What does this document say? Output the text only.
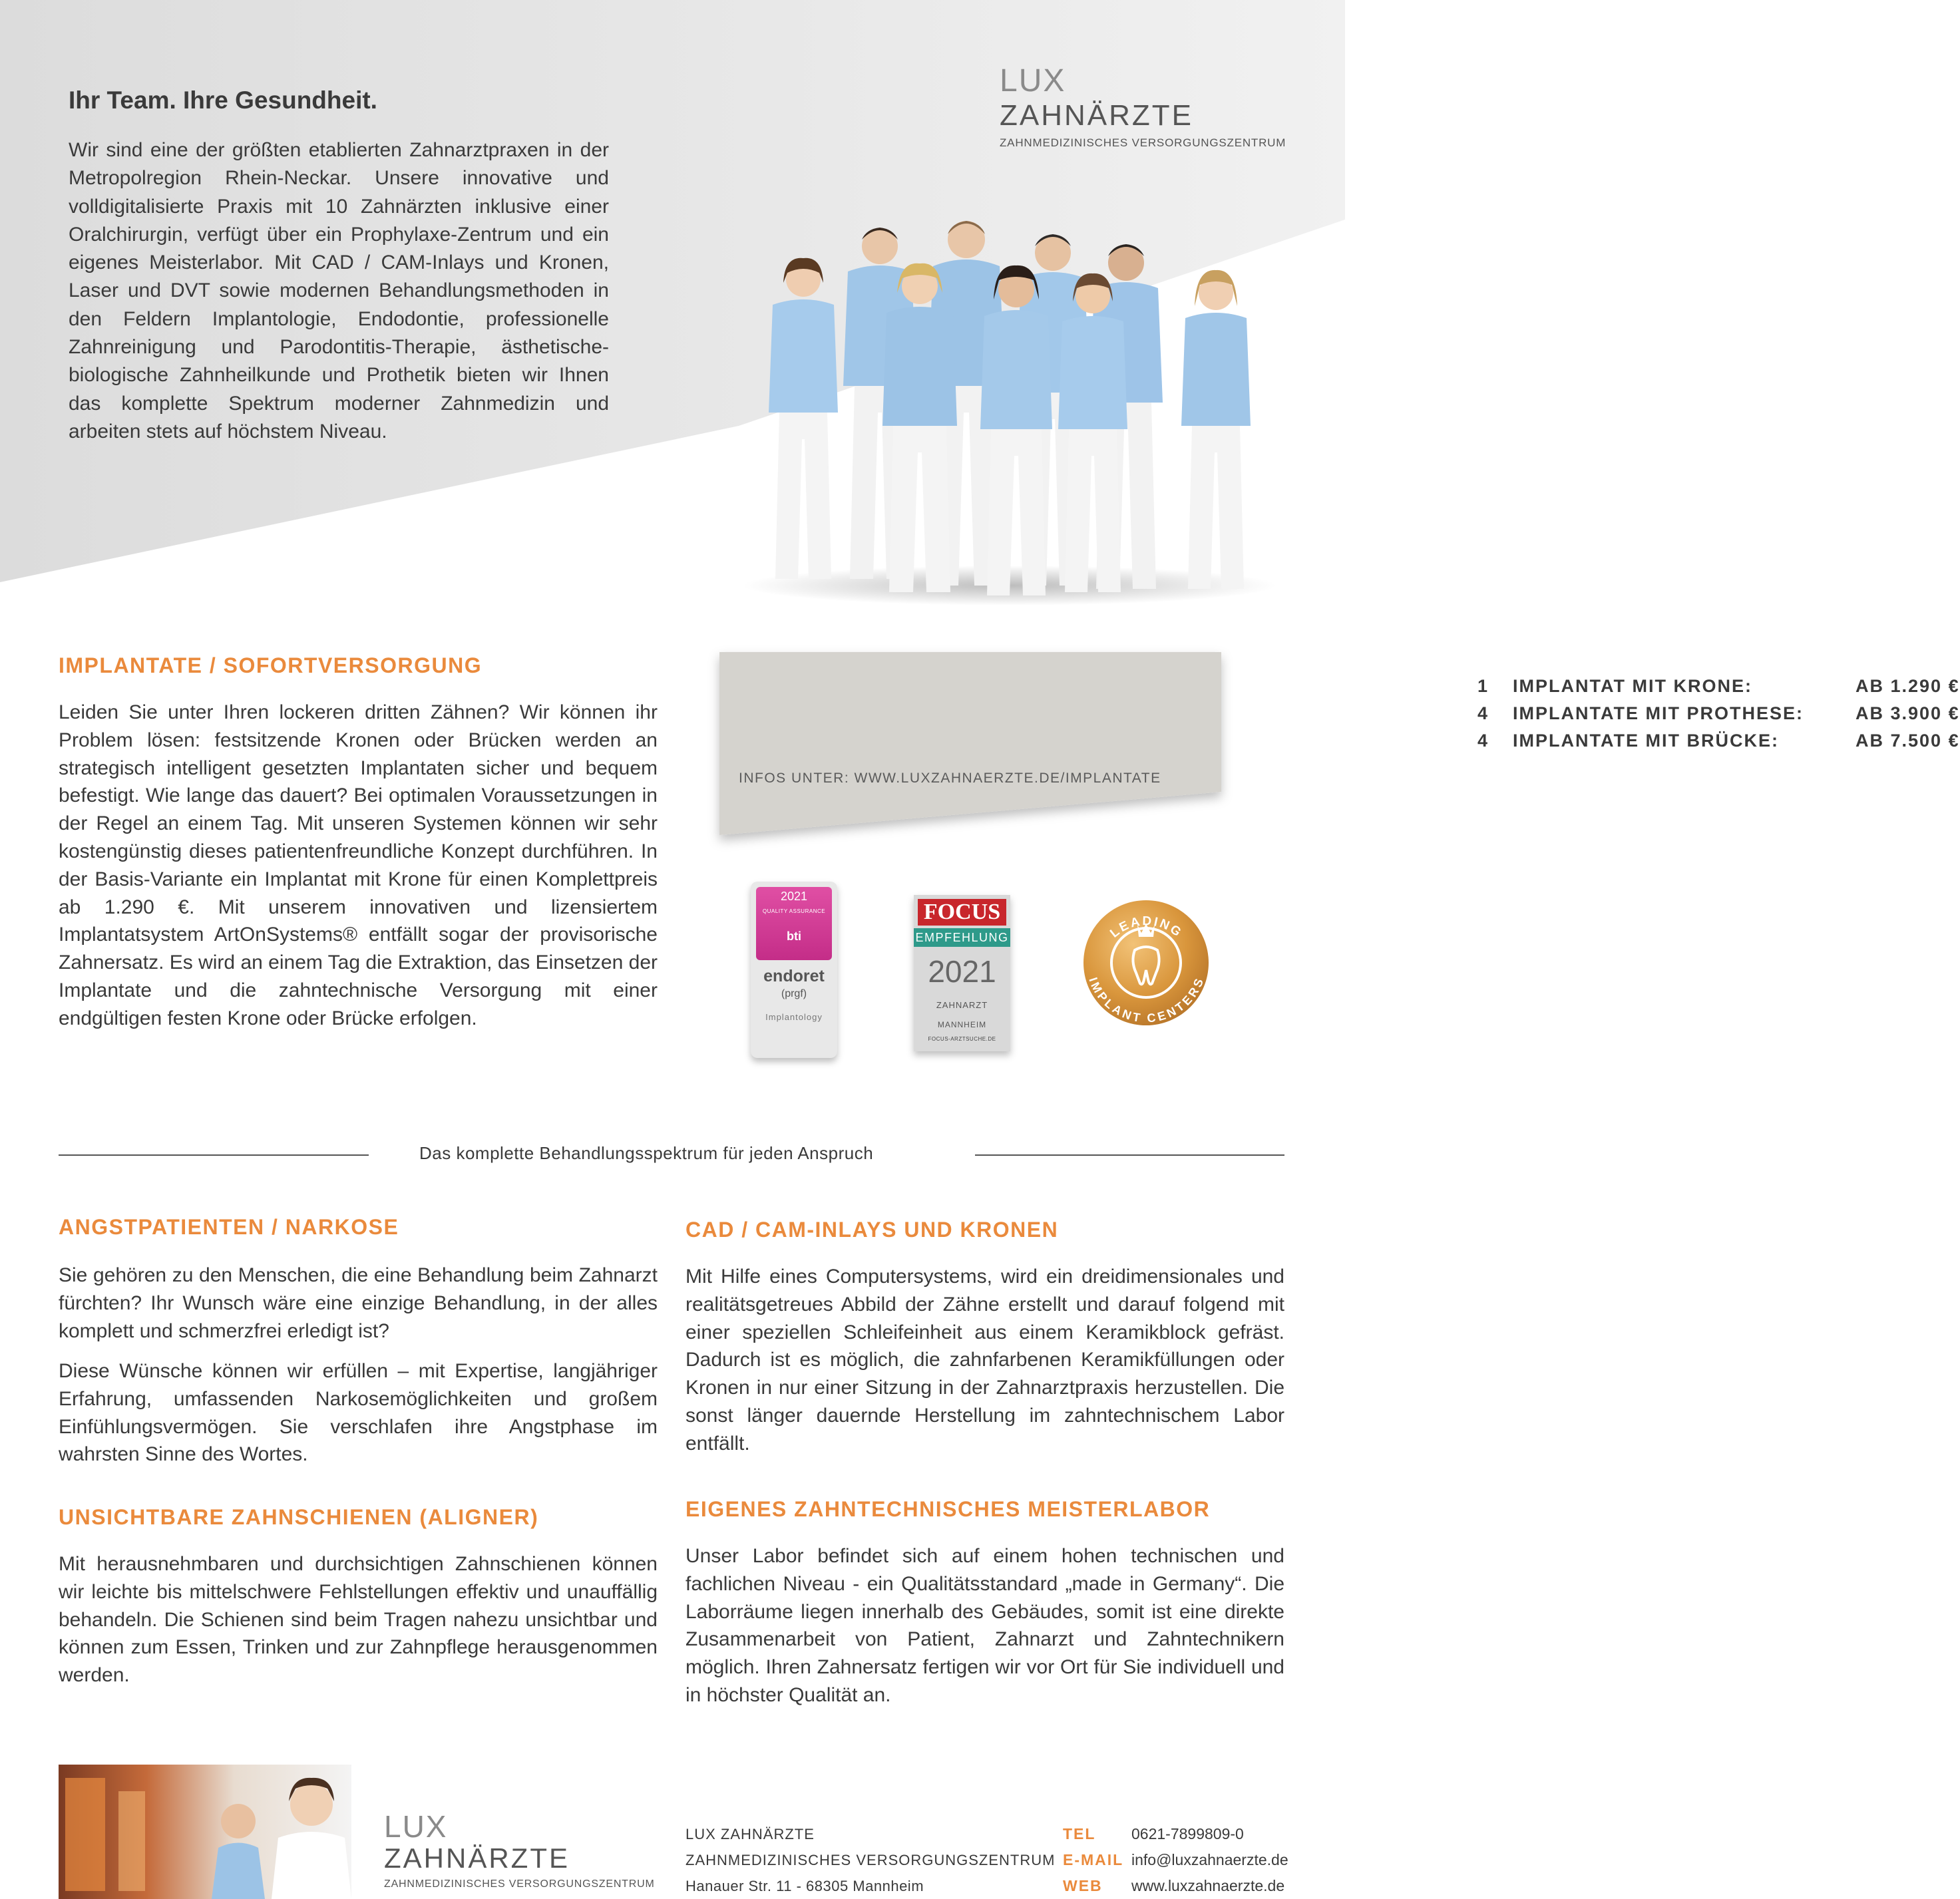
Ihr Team. Ihre Gesundheit.
Wir sind eine der größten etablierten Zahnarztpraxen in der Metropolregion Rhein-Neckar. Unsere innovative und volldigitalisierte Praxis mit 10 Zahnärzten inklusive einer Oralchirurgin, verfügt über ein Prophylaxe-Zentrum und ein eigenes Meisterlabor. Mit CAD / CAM-Inlays und Kronen, Laser und DVT sowie modernen Behandlungsmethoden in den Feldern Implantologie, Endodontie, professionelle Zahnreinigung und Parodontitis-Therapie, ästhetische-biologische Zahnheilkunde und Prothetik bieten wir Ihnen das komplette Spektrum moderner Zahnmedizin und arbeiten stets auf höchstem Niveau.
LUX
ZAHNÄRZTE
ZAHNMEDIZINISCHES VERSORGUNGSZENTRUM
IMPLANTATE / SOFORTVERSORGUNG
Leiden Sie unter Ihren lockeren dritten Zähnen? Wir können ihr Problem lösen: festsitzende Kronen oder Brücken werden an strategisch intelligent gesetzten Implantaten sicher und bequem befestigt. Wie lange das dauert? Bei optimalen Voraussetzungen in der Regel an einem Tag. Mit unseren Systemen können wir sehr kostengünstig dieses patientenfreundliche Konzept durchführen. In der Basis-Variante ein Implantat mit Krone für einen Komplettpreis ab 1.290 €. Mit unserem innovativen und lizensiertem Implantatsystem ArtOnSystems® entfällt sogar der provisorische Zahnersatz. Es wird an einem Tag die Extraktion, das Einsetzen der Implantate und die zahntechnische Versorgung mit einer endgültigen festen Krone oder Brücke erfolgen.
1 IMPLANTAT MIT KRONE:	AB 1.290 €
4 IMPLANTATE MIT PROTHESE:	AB 3.900 €
4 IMPLANTATE MIT BRÜCKE:	AB 7.500 €
INFOS UNTER: WWW.LUXZAHNAERZTE.DE/IMPLANTATE
2021
QUALITY ASSURANCE
bti
endoret
(prgf)
Implantology
FOCUS
EMPFEHLUNG
2021
ZAHNARZT
MANNHEIM
FOCUS-ARZTSUCHE.DE
LEADING
IMPLANT CENTERS
Das komplette Behandlungsspektrum für jeden Anspruch
ANGSTPATIENTEN / NARKOSE
Sie gehören zu den Menschen, die eine Behandlung beim Zahnarzt fürchten? Ihr Wunsch wäre eine einzige Behandlung, in der alles komplett und schmerzfrei erledigt ist?
Diese Wünsche können wir erfüllen – mit Expertise, langjähriger Erfahrung, umfassenden Narkosemöglichkeiten und großem Einfühlungsvermögen. Sie verschlafen ihre Angstphase im wahrsten Sinne des Wortes.
UNSICHTBARE ZAHNSCHIENEN (ALIGNER)
Mit herausnehmbaren und durchsichtigen Zahnschienen können wir leichte bis mittelschwere Fehlstellungen effektiv und unauffällig behandeln. Die Schienen sind beim Tragen nahezu unsichtbar und können zum Essen, Trinken und zur Zahnpflege herausgenommen werden.
CAD / CAM-INLAYS UND KRONEN
Mit Hilfe eines Computersystems, wird ein dreidimensionales und realitätsgetreues Abbild der Zähne erstellt und darauf folgend mit einer speziellen Schleifeinheit aus einem Keramikblock gefräst. Dadurch ist es möglich, die zahnfarbenen Keramikfüllungen oder Kronen in nur einer Sitzung in der Zahnarztpraxis herzustellen. Die sonst länger dauernde Herstellung im zahntechnischem Labor entfällt.
EIGENES ZAHNTECHNISCHES MEISTERLABOR
Unser Labor befindet sich auf einem hohen technischen und fachlichen Niveau - ein Qualitätsstandard „made in Germany“. Die Laborräume liegen innerhalb des Gebäudes, somit ist eine direkte Zusammenarbeit von Patient, Zahnarzt und Zahntechnikern möglich. Ihren Zahnersatz fertigen wir vor Ort für Sie individuell und in höchster Qualität an.
LUX
ZAHNÄRZTE
ZAHNMEDIZINISCHES VERSORGUNGSZENTRUM
LUX ZAHNÄRZTE
ZAHNMEDIZINISCHES VERSORGUNGSZENTRUM
Hanauer Str. 11 - 68305 Mannheim
TEL 0621-7899809-0
E-MAIL info@luxzahnaerzte.de
WEB www.luxzahnaerzte.de
